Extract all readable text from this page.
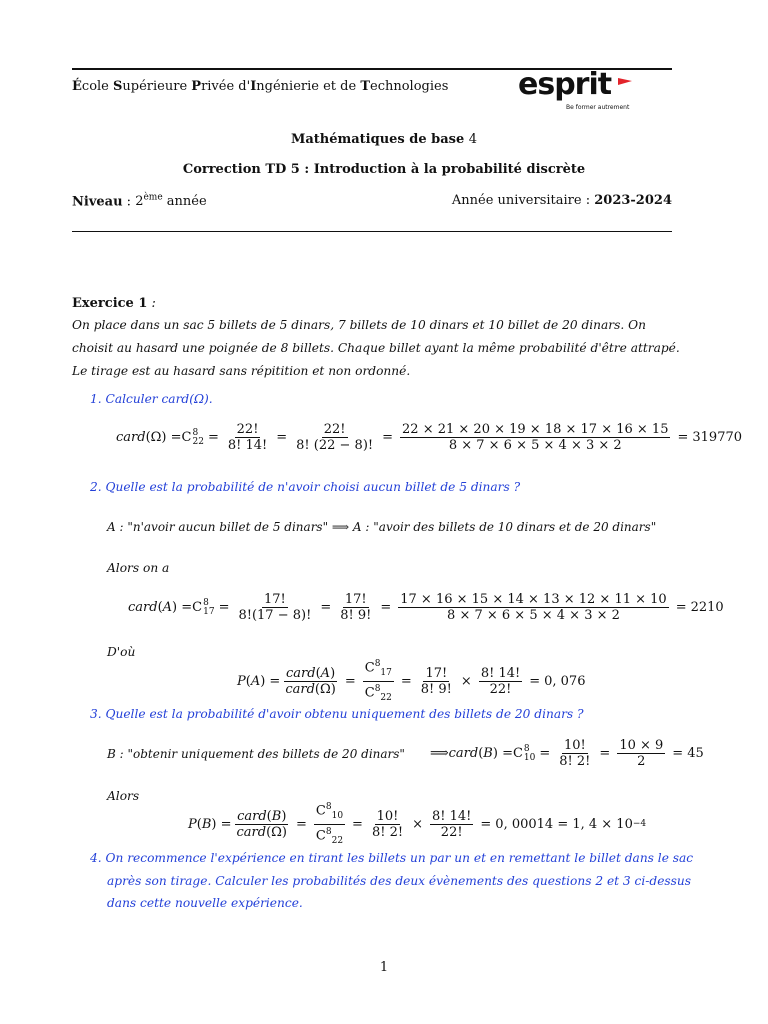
École Supérieure Privée d'Ingénierie et de Technologies esprit
Be former autrement
Mathématiques de base 4
Correction TD 5 : Introduction à la probabilité discrète
Niveau : 2ème année	Année universitaire : 2023-2024
Exercice 1 :
On place dans un sac 5 billets de 5 dinars, 7 billets de 10 dinars et 10 billet de 20 dinars. On
choisit au hasard une poignée de 8 billets. Chaque billet ayant la même probabilité d'être attrapé.
Le tirage est au hasard sans répitition et non ordonné.
1. Calculer card(Ω).
card (Ω) = C 8
$22 = \frac{22!}{8! 14!} = \frac{22!}{8! (22 - 8)!} = \frac{22 \times 21 \times 20 \times 19 \times 18 \times 17 \times 16 \times 15}{8 \times 7 \times 6 \times 5 \times 4 \times 3 \times 2} = 319770$
2. Quelle est la probabilité de n'avoir choisi aucun billet de 5 dinars ?
A : "n'avoir aucun billet de 5 dinars" ⟹ A : "avoir des billets de 10 dinars et de 20 dinars"
Alors on a
card ( A ) = C 8
$17 = \frac{17!}{8!(17 - 8)!} = \frac{17!}{8! 9!} = \frac{17 \times 16 \times 15 \times 14 \times 13 \times 12 \times 11 \times 10}{8 \times 7 \times 6 \times 5 \times 4 \times 3 \times 2} = 2210$
D'où
P ( A ) = $\frac{\text{card(A)}}{\text{card(Ω)}} = \frac{C^8_{17}}{C^8_{22}} = \frac{17!}{8! 9!} \times \frac{8! 14!}{22!} = 0$, 076
3. Quelle est la probabilité d'avoir obtenu uniquement des billets de 20 dinars ?
B : "obtenir uniquement des billets de 20 dinars" ⟹ card ( B ) = C 8
$10 = \frac{10!}{8! 2!} = \frac{10 \times 9}{2} = 45$
Alors
P ( B ) = $\frac{\text{card(B)}}{\text{card(Ω)}} = \frac{C^8_{10}}{C^8_{22}} = \frac{10!}{8! 2!} \times \frac{8! 14!}{22!} = 0$, 00014 = 1, 4 × 10 −4
4. On recommence l'expérience en tirant les billets un par un et en remettant le billet dans le sac
après son tirage. Calculer les probabilités des deux évènements des questions 2 et 3 ci-dessus
dans cette nouvelle expérience.
1
